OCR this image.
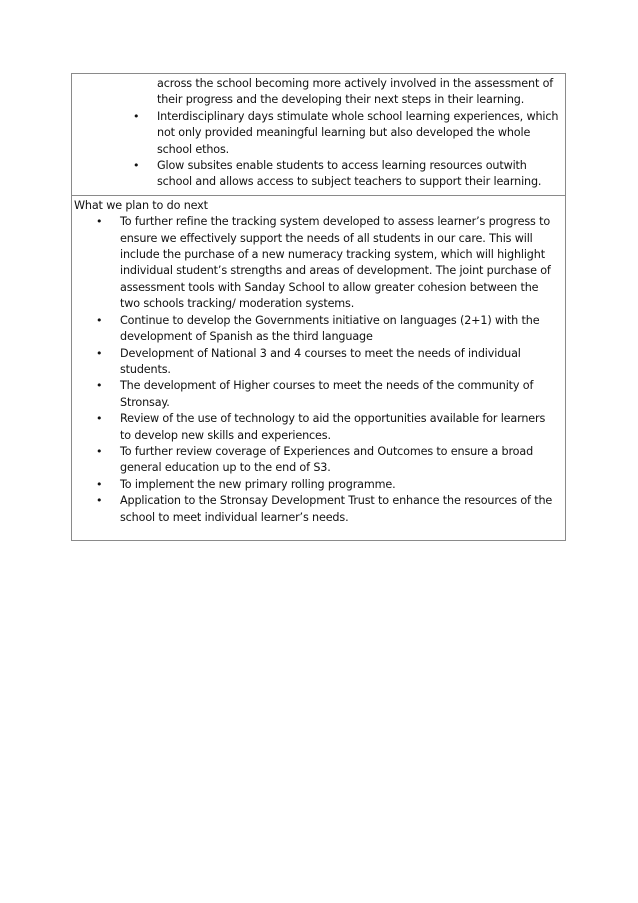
across the school becoming more actively involved in the assessment of
their progress and the developing their next steps in their learning.
• Interdisciplinary days stimulate whole school learning experiences, which not only provided meaningful learning but also developed the whole school ethos.
• Glow subsites enable students to access learning resources outwith school and allows access to subject teachers to support their learning.

What we plan to do next

• To further refine the tracking system developed to assess learner’s progress to ensure we effectively support the needs of all students in our care. This will include the purchase of a new numeracy tracking system, which will highlight individual student’s strengths and areas of development. The joint purchase of assessment tools with Sanday School to allow greater cohesion between the two schools tracking/ moderation systems.
• Continue to develop the Governments initiative on languages (2+1) with the development of Spanish as the third language
• Development of National 3 and 4 courses to meet the needs of individual students.
• The development of Higher courses to meet the needs of the community of Stronsay.
• Review of the use of technology to aid the opportunities available for learners to develop new skills and experiences.
• To further review coverage of Experiences and Outcomes to ensure a broad general education up to the end of S3.
• To implement the new primary rolling programme.
• Application to the Stronsay Development Trust to enhance the resources of the school to meet individual learner’s needs.
